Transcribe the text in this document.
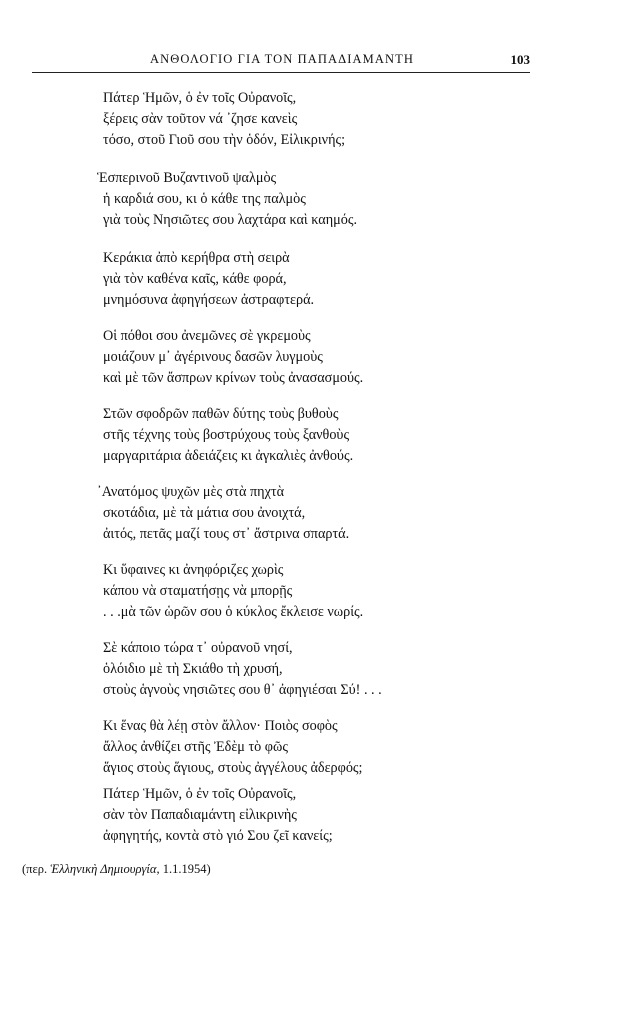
ΑΝΘΟΛΟΓΙΟ ΓΙΑ ΤΟΝ ΠΑΠΑΔΙΑΜΑΝΤΗ	103
Πάτερ Ἡμῶν, ὁ ἐν τοῖς Οὐρανοῖς,
ξέρεις σὰν τοῦτον νά ᾿ζησε κανεὶς
τόσο, στοῦ Γιοῦ σου τὴν ὁδόν, Εἰλικρινής;
Ἑσπερινοῦ Βυζαντινοῦ ψαλμὸς
ἡ καρδιά σου, κι ὁ κάθε της παλμὸς
γιὰ τοὺς Νησιῶτες σου λαχτάρα καὶ καημός.
Κεράκια ἀπὸ κερήθρα στὴ σειρὰ
γιὰ τὸν καθένα καῖς, κάθε φορά,
μνημόσυνα ἀφηγήσεων ἀστραφτερά.
Οἱ πόθοι σου ἀνεμῶνες σὲ γκρεμοὺς
μοιάζουν μ᾿ ἀγέρινους δασῶν λυγμοὺς
καὶ μὲ τῶν ἄσπρων κρίνων τοὺς ἀνασασμούς.
Στῶν σφοδρῶν παθῶν δύτης τοὺς βυθοὺς
στῆς τέχνης τοὺς βοστρύχους τοὺς ξανθοὺς
μαργαριτάρια ἀδειάζεις κι ἀγκαλιὲς ἀνθούς.
᾿Ανατόμος ψυχῶν μὲς στὰ πηχτὰ
σκοτάδια, μὲ τὰ μάτια σου ἀνοιχτά,
ἀιτός, πετᾶς μαζί τους στ᾿ ἄστρινα σπαρτά.
Κι ὕφαινες κι ἀνηφόριζες χωρὶς
κάπου νὰ σταματήσῃς νὰ μπορῇς
. . .μὰ τῶν ὡρῶν σου ὁ κύκλος ἔκλεισε νωρίς.
Σὲ κάποιο τώρα τ᾿ οὐρανοῦ νησί,
ὁλόιδιο μὲ τὴ Σκιάθο τὴ χρυσή,
στοὺς ἁγνοὺς νησιῶτες σου θ᾿ ἀφηγιέσαι Σύ! . . .
Κι ἕνας θὰ λέῃ στὸν ἄλλον· Ποιὸς σοφὸς
ἄλλος ἀνθίζει στῆς Ἐδὲμ τὸ φῶς
ἅγιος στοὺς ἅγιους, στοὺς ἀγγέλους ἀδερφός;
Πάτερ Ἡμῶν, ὁ ἐν τοῖς Οὐρανοῖς,
σὰν τὸν Παπαδιαμάντη εἰλικρινὴς
ἀφηγητής, κοντὰ στὸ γιό Σου ζεῖ κανείς;
(περ. Ἑλληνικὴ Δημιουργία, 1.1.1954)
